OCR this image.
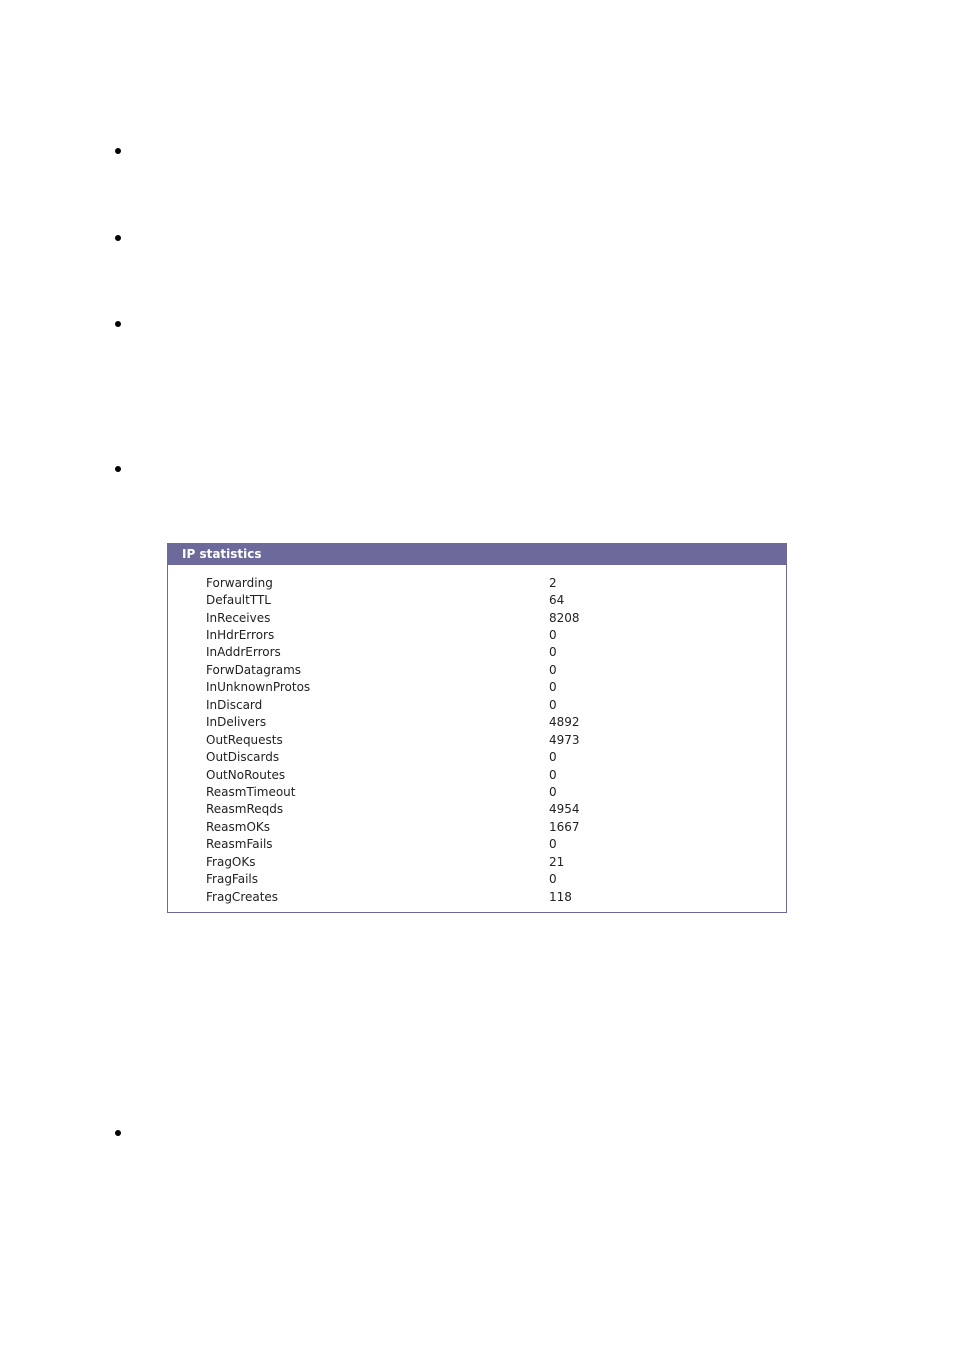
IP statistics
Forwarding	2
DefaultTTL	64
InReceives	8208
InHdrErrors	0
InAddrErrors	0
ForwDatagrams	0
InUnknownProtos	0
InDiscard	0
InDelivers	4892
OutRequests	4973
OutDiscards	0
OutNoRoutes	0
ReasmTimeout	0
ReasmReqds	4954
ReasmOKs	1667
ReasmFails	0
FragOKs	21
FragFails	0
FragCreates	118
